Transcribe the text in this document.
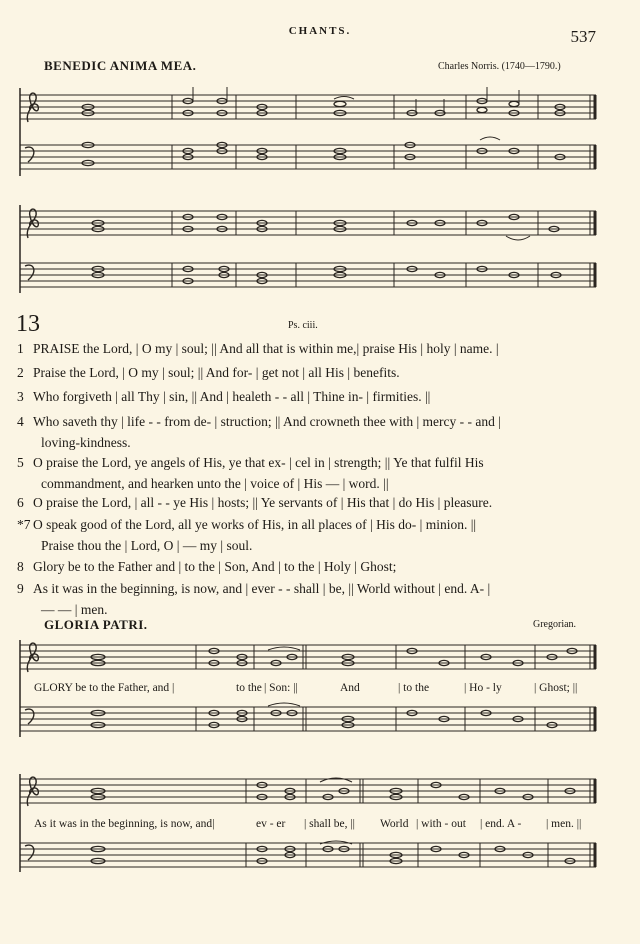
CHANTS.	537
BENEDIC ANIMA MEA.	Charles Norris. (1740—1790.)
13	Ps. ciii.
1 PRAISE the Lord, | O my | soul; || And all that is within me,| praise His | holy | name. |
2 Praise the Lord, | O my | soul; || And for- | get not | all His | benefits.
3 Who forgiveth | all Thy | sin, || And | healeth - - all | Thine in- | firmities. ||
4 Who saveth thy | life - - from de- | struction; || And crowneth thee with | mercy - - and |
loving-kindness.
5 O praise the Lord, ye angels of His, ye that ex- | cel in | strength; || Ye that fulfil His
commandment, and hearken unto the | voice of | His — | word. ||
6 O praise the Lord, | all - - ye His | hosts; || Ye servants of | His that | do His | pleasure.
*7 O speak good of the Lord, all ye works of His, in all places of | His do- | minion. ||
Praise thou the | Lord, O | — my | soul.
8 Glory be to the Father and | to the | Son, And | to the | Holy | Ghost;
9 As it was in the beginning, is now, and | ever - - shall | be, || World without | end. A- |
— — | men.
GLORIA PATRI.	Gregorian.
GLORY be to the Father, and |	to the | Son: ||	And	| to the	| Ho - ly	| Ghost; ||
As it was in the beginning, is now, and|	ev - er | shall be, || World | with - out | end. A - | men. ||
